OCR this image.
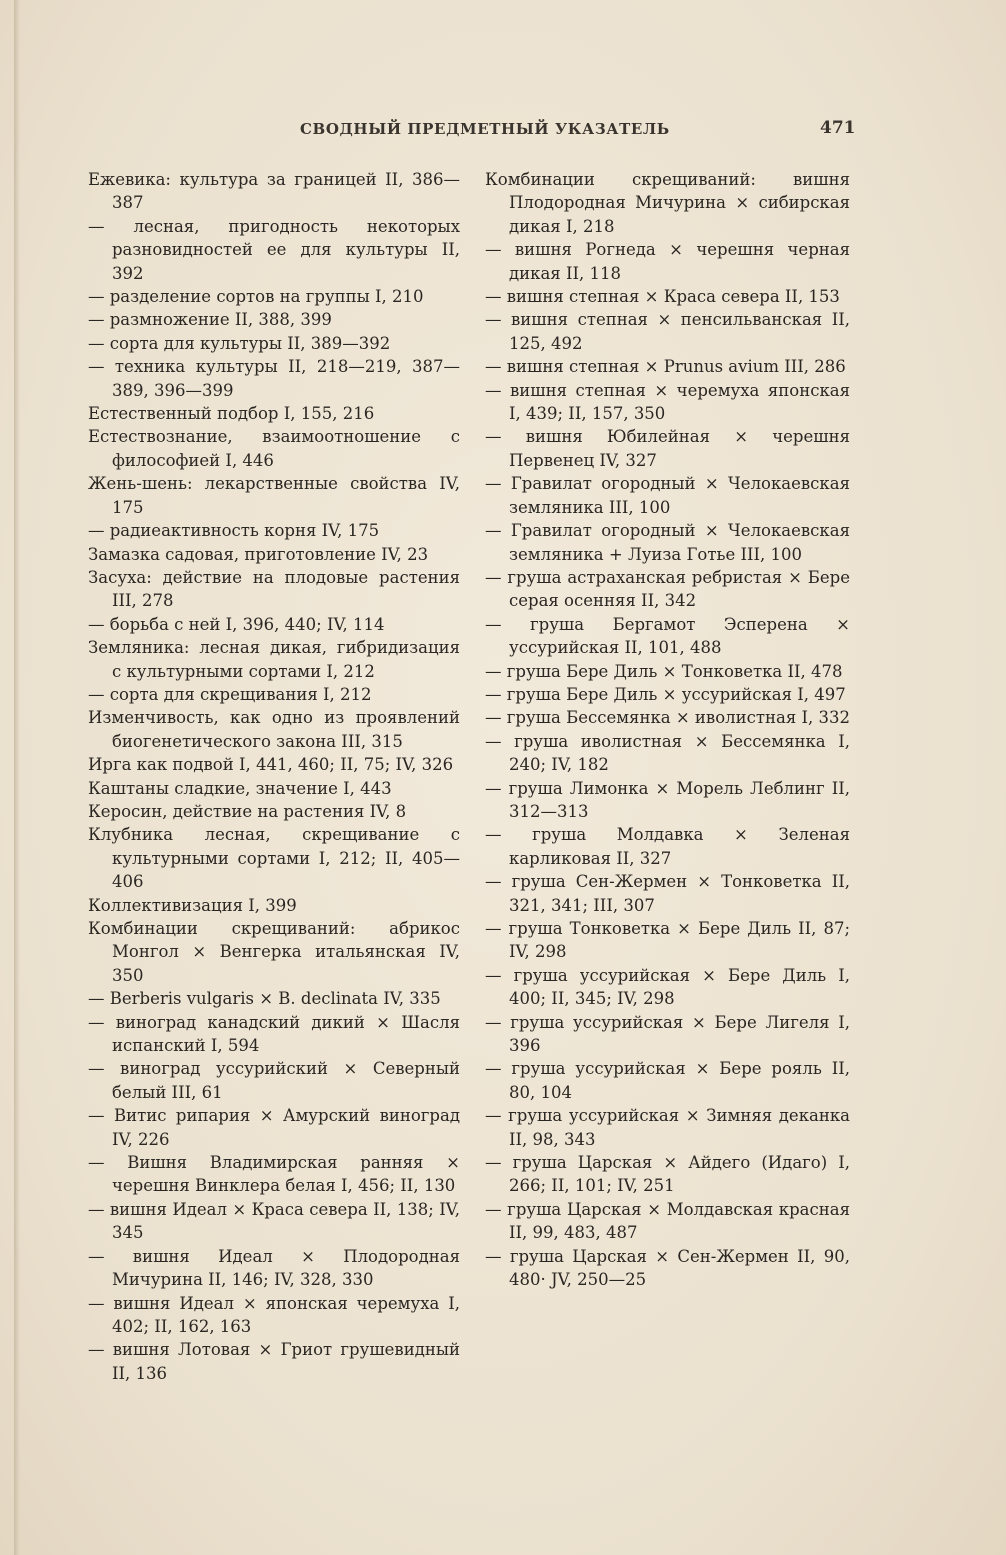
СВОДНЫЙ ПРЕДМЕТНЫЙ УКАЗАТЕЛЬ	471
Ежевика: культура за границей II, 386—387
— лесная, пригодность некоторых разновидностей ее для культуры II, 392
— разделение сортов на группы I, 210
— размножение II, 388, 399
— сорта для культуры II, 389—392
— техника культуры II, 218—219, 387—389, 396—399
Естественный подбор I, 155, 216
Естествознание, взаимоотношение с философией I, 446
Жень-шень: лекарственные свойства IV, 175
— радиеактивность корня IV, 175
Замазка садовая, приготовление IV, 23
Засуха: действие на плодовые растения III, 278
— борьба с ней I, 396, 440; IV, 114
Земляника: лесная дикая, гибридизация с культурными сортами I, 212
— сорта для скрещивания I, 212
Изменчивость, как одно из проявлений биогенетического закона III, 315
Ирга как подвой I, 441, 460; II, 75; IV, 326
Каштаны сладкие, значение I, 443
Керосин, действие на растения IV, 8
Клубника лесная, скрещивание с культурными сортами I, 212; II, 405—406
Коллективизация I, 399
Комбинации скрещиваний: абрикос Монгол × Венгерка итальянская IV, 350
— Berberis vulgaris × B. declinata IV, 335
— виноград канадский дикий × Шасля испанский I, 594
— виноград уссурийский × Северный белый III, 61
— Витис рипария × Амурский виноград IV, 226
— Вишня Владимирская ранняя × черешня Винклера белая I, 456; II, 130
— вишня Идеал × Краса севера II, 138; IV, 345
— вишня Идеал × Плодородная Мичурина II, 146; IV, 328, 330
— вишня Идеал × японская черемуха I, 402; II, 162, 163
— вишня Лотовая × Гриот грушевидный II, 136
Комбинации скрещиваний: вишня Плодородная Мичурина × сибирская дикая I, 218
— вишня Рогнеда × черешня черная дикая II, 118
— вишня степная × Краса севера II, 153
— вишня степная × пенсильванская II, 125, 492
— вишня степная × Prunus avium III, 286
— вишня степная × черемуха японская I, 439; II, 157, 350
— вишня Юбилейная × черешня Первенец IV, 327
— Гравилат огородный × Челокаевская земляника III, 100
— Гравилат огородный × Челокаевская земляника + Луиза Готье III, 100
— груша астраханская ребристая × Бере серая осенняя II, 342
— груша Бергамот Эсперена × уссурийская II, 101, 488
— груша Бере Диль × Тонковетка II, 478
— груша Бере Диль × уссурийская I, 497
— груша Бессемянка × иволистная I, 332
— груша иволистная × Бессемянка I, 240; IV, 182
— груша Лимонка × Морель Леблинг II, 312—313
— груша Молдавка × Зеленая карликовая II, 327
— груша Сен-Жермен × Тонковетка II, 321, 341; III, 307
— груша Тонковетка × Бере Диль II, 87; IV, 298
— груша уссурийская × Бере Диль I, 400; II, 345; IV, 298
— груша уссурийская × Бере Лигеля I, 396
— груша уссурийская × Бере рояль II, 80, 104
— груша уссурийская × Зимняя деканка II, 98, 343
— груша Царская × Айдего (Идаго) I, 266; II, 101; IV, 251
— груша Царская × Молдавская красная II, 99, 483, 487
— груша Царская × Сен-Жермен II, 90, 480· ЈV, 250—25
